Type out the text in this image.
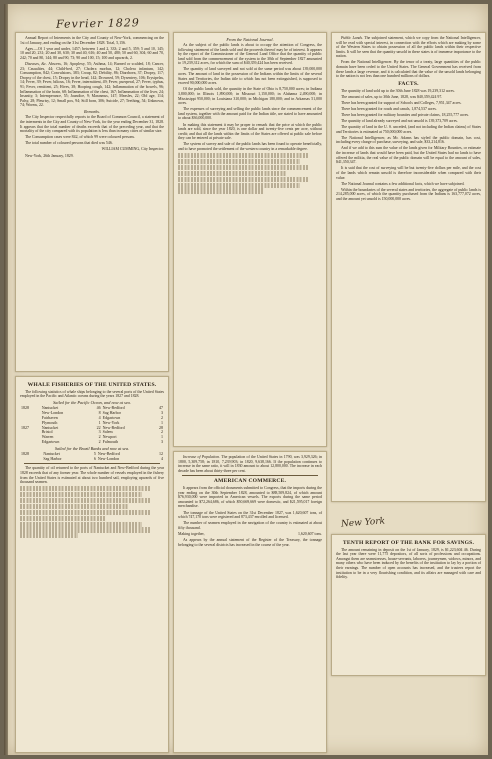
Fevrier 1829
Annual Report of Interments in the City and County of New-York, commencing on the 1st of January, and ending on the 31st December 1828. Total, 5,156.
Ages.—Of 1 year and under, 1457; between 1 and 2, 333; 2 and 5, 359; 5 and 10, 145; 10 and 20, 231; 20 and 30, 630; 30 and 40, 616; 40 and 50, 480; 50 and 60, 304; 60 and 70, 242; 70 and 80, 144; 80 and 90, 73; 90 and 100, 15; 100 and upwards, 2.
Diseases, &c. Abscess, 16; Apoplexy, 55; Asthma, 14; Burned or scalded, 18; Cancer, 23; Casualties, 44; Child-bed, 27; Cholera morbus, 12; Cholera infantum, 142; Consumption, 842; Convulsions, 383; Croup, 82; Debility, 86; Diarrhoea, 37; Dropsy, 117; Dropsy of the chest, 15; Dropsy in the head, 142; Drowned, 59; Dysentery, 106; Erysipelas, 14; Fever, 39; Fever, bilious, 16; Fever, intermittent, 49; Fever, puerperal, 27; Fever, typhus, 91; Fever, remittent, 25; Hives, 38; Hooping cough, 142; Inflammation of the bowels, 96; Inflammation of the brain, 68; Inflammation of the chest, 167; Inflammation of the liver, 24; Insanity, 3; Intemperance, 55; Jaundice, 9; Marasmus, 147; Measles, 22; Old age, 114; Palsy, 28; Pleurisy, 12; Small pox, 94; Still born, 306; Suicide, 27; Teething, 54; Unknown, 74; Worms, 22.
Remarks.
The City Inspector respectfully reports to the Board of Common Council, a statement of the interments in the City and County of New-York, for the year ending December 31, 1828. It appears that the total number of deaths exceeds that of the preceding year, and that the mortality of the city compared with its population is less than in many cities of similar size.
The Consumption cases were 842, of which 99 were coloured persons.
The total number of coloured persons that died was 546.
WILLIAM CUMMING, City Inspector.
New-York, 26th January, 1829.
WHALE FISHERIES OF THE UNITED STATES.
The following statistics of whale ships belonging to the several ports of the United States employed in the Pacific and Atlantic oceans during the years 1827 and 1828.
Sailed for the Pacific Ocean, and now at sea.
1828	Nantucket	46	New-Bedford	47
	New-London	8	Sag Harbor	3
	Fairhaven	4	Edgartown	2
	Plymouth	1	New-York	1
1827	Nantucket	22	New-Bedford	28
	Bristol	3	Salem	2
	Warren	2	Newport	1
	Edgartown	2	Falmouth	3
Sailed for the Brazil Banks and now at sea.
1828	Nantucket	5	New-Bedford	12
	Sag Harbor	6	New-London	4
The quantity of oil returned to the ports of Nantucket and New-Bedford during the year 1828 exceeds that of any former year. The whole number of vessels employed in the fishery from the United States is estimated at about two hundred sail, employing upwards of five thousand seamen.
From the National Journal.
As the subject of the public lands is about to occupy the attention of Congress, the following statement of the lands sold and the proceeds thereof may be of interest. It appears by the report of the Commissioner of the General Land Office that the quantity of public land sold from the commencement of the system to the 30th of September 1827 amounted to 19,239,312 acres, for which the sum of $40,359,424 has been received.
The quantity of land surveyed and not sold at the same period was about 139,000,000 acres. The amount of land in the possession of the Indians within the limits of the several States and Territories, the Indian title to which has not been extinguished, is supposed to exceed 90,000,000 acres.
Of the public lands sold, the quantity in the State of Ohio is 8,750,000 acres; in Indiana 3,800,000; in Illinois 1,890,000; in Missouri 1,150,000; in Alabama 2,490,000; in Mississippi 950,000; in Louisiana 310,000; in Michigan 180,000; and in Arkansas 51,000 acres.
The expenses of surveying and selling the public lands since the commencement of the land system, together with the amount paid for the Indian title, are stated to have amounted to about $36,000,000.
In making this statement it may be proper to remark that the price at which the public lands are sold, since the year 1820, is one dollar and twenty-five cents per acre, without credit; and that all the lands within the limits of the States are offered at public sale before they can be entered at private sale.
The system of survey and sale of the public lands has been found to operate beneficially, and to have promoted the settlement of the western country in a remarkable degree.
Increase of Population. The population of the United States in 1790, was 3,929,326; in 1800, 5,309,758; in 1810, 7,239,903; in 1820, 9,638,166. If the population continues to increase in the same ratio, it will in 1830 amount to about 12,800,000. The increase in each decade has been about thirty-three per cent.
AMERICAN COMMERCE.
It appears from the official documents submitted to Congress, that the imports during the year ending on the 30th September 1828, amounted to $88,509,824, of which amount $76,930,000 were imported in American vessels. The exports during the same period amounted to $72,264,686, of which $50,669,669 were domestic, and $21,595,017 foreign merchandise.
The tonnage of the United States on the 31st December 1827, was 1,620,607 tons, of which 747,170 tons were registered and 873,437 enrolled and licensed.
The number of seamen employed in the navigation of the country is estimated at about fifty thousand.
Making together,	1,620,607 tons.
As appears by the annual statement of the Register of the Treasury, the tonnage belonging to the several districts has increased in the course of the year.
Public Lands. The subjoined statement, which we copy from the National Intelligencer, will be read with special interest, in connection with the efforts which are making by some of the Western States to obtain possession of all the public lands within their respective limits. It will be seen that the quantity unsold in these states is of immense importance to the nation.
From the National Intelligencer. By the tenor of a treaty, large quantities of the public domain have been ceded to the United States. The General Government has received from these lands a large revenue, and it is calculated that the value of the unsold lands belonging to the nation is not less than one hundred millions of dollars.
FACTS.
The quantity of land sold up to the 30th June 1828 was 19,239,312 acres.
The amount of sales, up to 30th June, 1828, was $40,359,424 97.
There has been granted for support of Schools and Colleges, 7,951,347 acres.
There has been granted for roads and canals, 1,874,537 acres.
There has been granted for military bounties and private claims, 18,255,777 acres.
The quantity of land already surveyed and not unsold is 139,373,709 acres.
The quantity of land in the U. S. unceded, (and not including the Indian claims) of States and Territories is estimated at 750,000,000 acres.
The National Intelligencer, as Mr. Adams has styled the public domain, has cost, including every charge of purchase, surveying, and sale, $33,214,816.
And if we add to this sum the value of the lands given for Military Bounties, or estimate the increase of lands that would have been paid, but the United States had no lands to have offered the militia, the real value of the public domain will be equal to the amount of sales, $41,350,347.
It is said that the cost of surveying will be but twenty-five dollars per mile, and the cost of the lands which remain unsold is therefore inconsiderable when compared with their value.
The National Journal contains a few additional facts, which we have subjoined.
Within the boundaries of the several states and territories, the aggregate of public lands is 214,285,000 acres, of which the quantity purchased from the Indians is 163,777,072 acres, and the amount yet unsold is 150,000,000 acres.
New York
TENTH REPORT OF THE BANK FOR SAVINGS.
The amount remaining in deposit on the 1st of January, 1829, is $1,223,604 46. During the last year there were 11,775 depositors, of all sorts of professions and occupations. Amongst them are seamstresses, house-servants, laborers, journeymen, widows, minors, and many others who have been induced by the benefits of the institution to lay by a portion of their earnings. The number of open accounts has increased, and the trustees report the institution to be in a very flourishing condition, and its affairs are managed with care and fidelity.
